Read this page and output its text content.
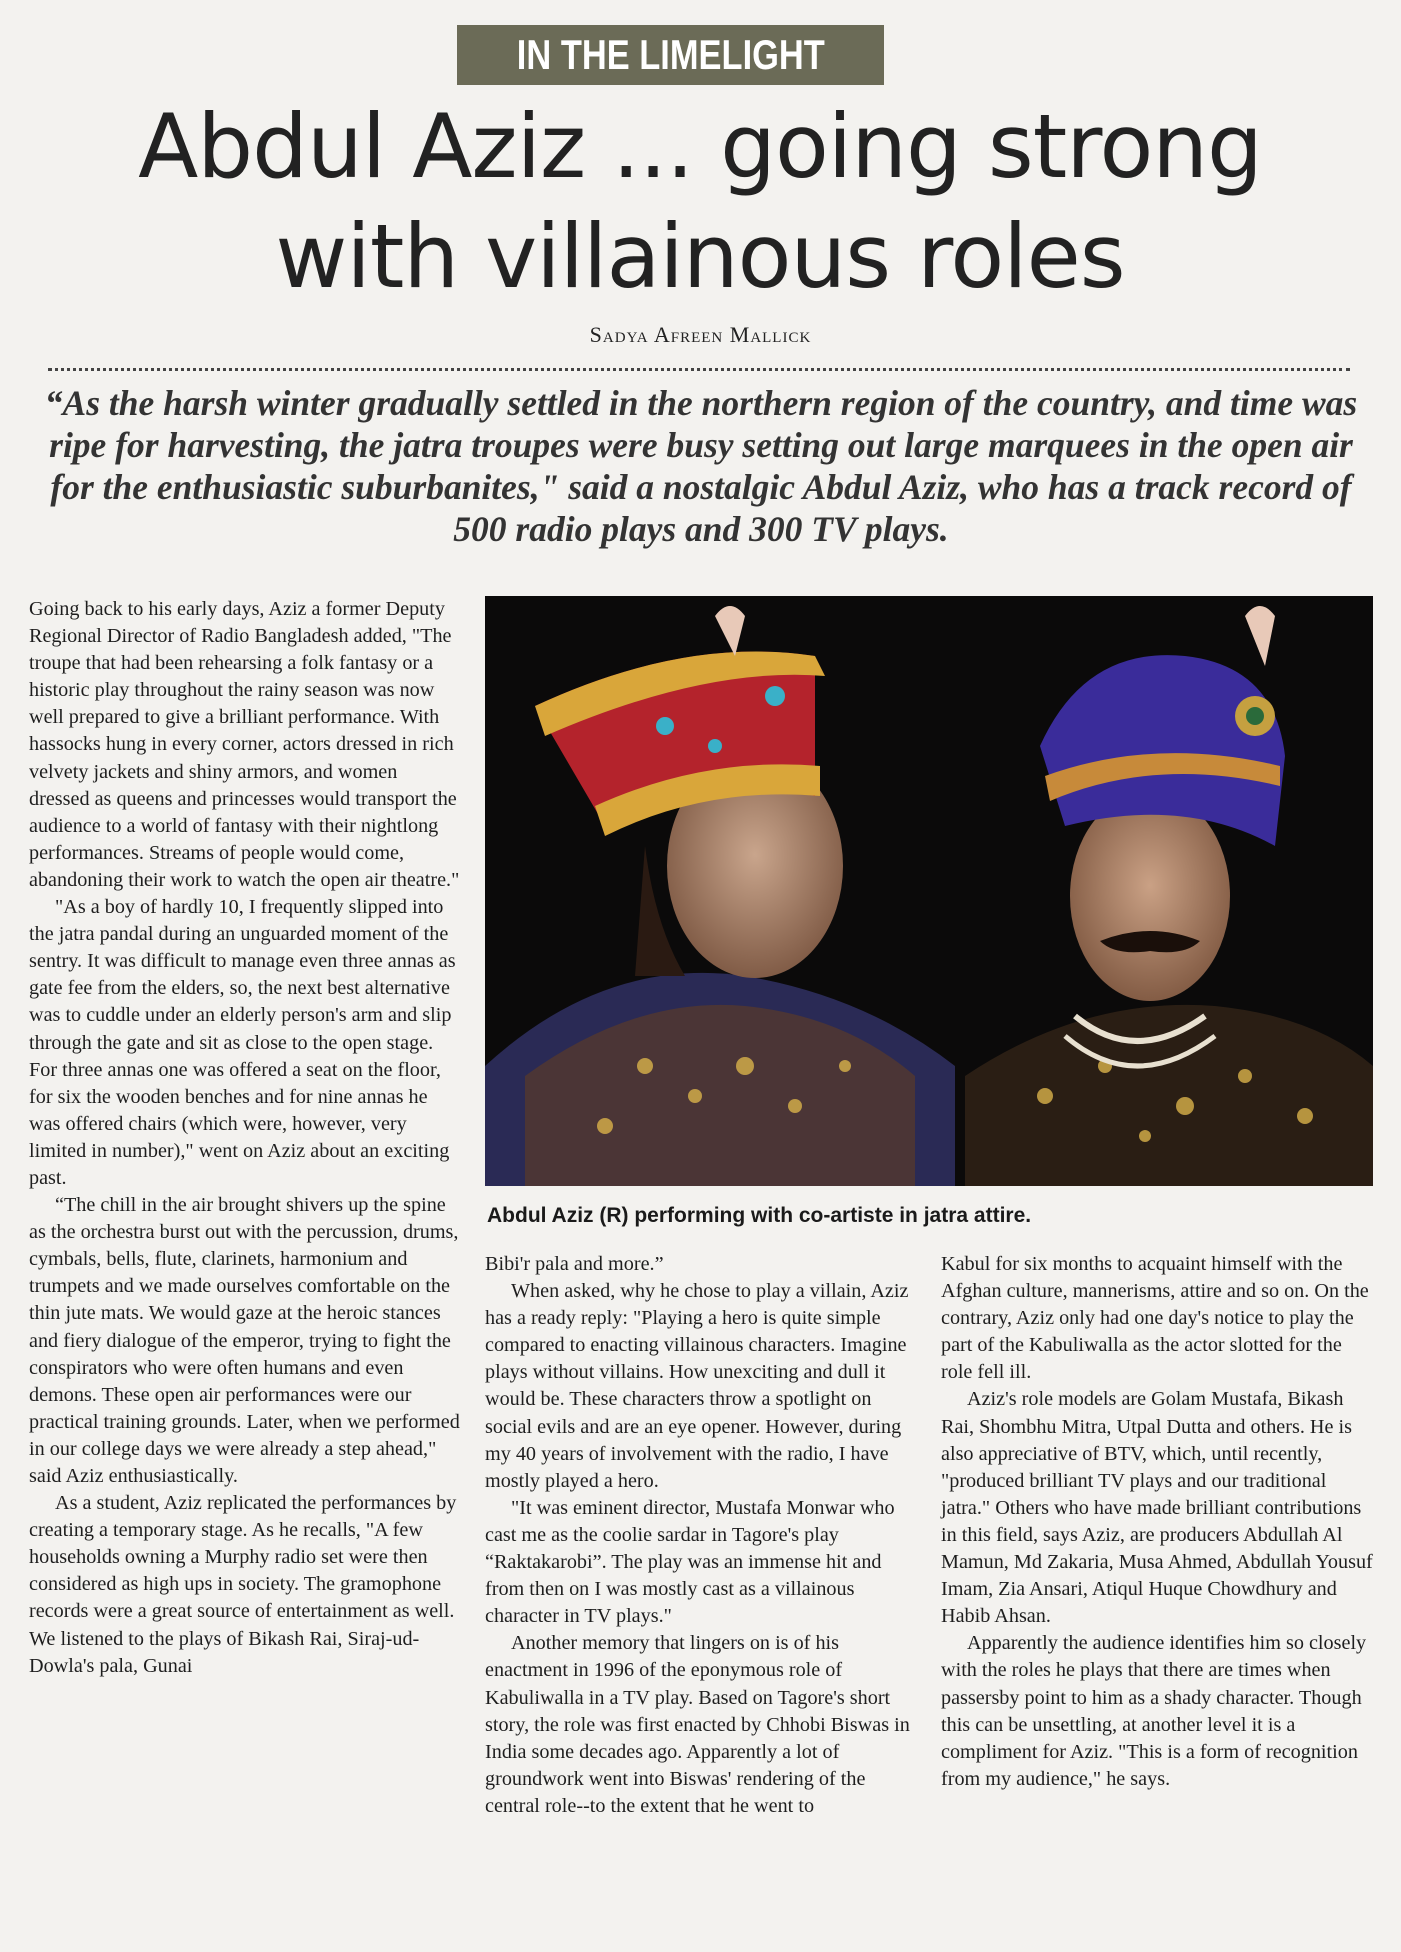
IN THE LIMELIGHT
Abdul Aziz ... going strong
with villainous roles
Sadya Afreen Mallick
“As the harsh winter gradually settled in the northern region of the country, and time was ripe for harvesting, the jatra troupes were busy setting out large marquees in the open air for the enthusiastic suburbanites," said a nostalgic Abdul Aziz, who has a track record of 500 radio plays and 300 TV plays.

Going back to his early days, Aziz a former Deputy Regional Director of Radio Bangladesh added, "The troupe that had been rehearsing a folk fantasy or a historic play throughout the rainy season was now well prepared to give a brilliant performance. With hassocks hung in every corner, actors dressed in rich velvety jackets and shiny armors, and women dressed as queens and princesses would transport the audience to a world of fantasy with their nightlong performances. Streams of people would come, abandoning their work to watch the open air theatre."

"As a boy of hardly 10, I frequently slipped into the jatra pandal during an unguarded moment of the sentry. It was difficult to manage even three annas as gate fee from the elders, so, the next best alternative was to cuddle under an elderly person's arm and slip through the gate and sit as close to the open stage. For three annas one was offered a seat on the floor, for six the wooden benches and for nine annas he was offered chairs (which were, however, very limited in number)," went on Aziz about an exciting past.

“The chill in the air brought shivers up the spine as the orchestra burst out with the percussion, drums, cymbals, bells, flute, clarinets, harmonium and trumpets and we made ourselves comfortable on the thin jute mats. We would gaze at the heroic stances and fiery dialogue of the emperor, trying to fight the conspirators who were often humans and even demons. These open air performances were our practical training grounds. Later, when we performed in our college days we were already a step ahead," said Aziz enthusiastically.

As a student, Aziz replicated the performances by creating a temporary stage. As he recalls, "A few households owning a Murphy radio set were then considered as high ups in society. The gramophone records were a great source of entertainment as well. We listened to the plays of Bikash Rai, Siraj-ud-Dowla's pala, Gunai

Abdul Aziz (R) performing with co-artiste in jatra attire.

Bibi'r pala and more.”

When asked, why he chose to play a villain, Aziz has a ready reply: "Playing a hero is quite simple compared to enacting villainous characters. Imagine plays without villains. How unexciting and dull it would be. These characters throw a spotlight on social evils and are an eye opener. However, during my 40 years of involvement with the radio, I have mostly played a hero.

"It was eminent director, Mustafa Monwar who cast me as the coolie sardar in Tagore's play “Raktakarobi”. The play was an immense hit and from then on I was mostly cast as a villainous character in TV plays."

Another memory that lingers on is of his enactment in 1996 of the eponymous role of Kabuliwalla in a TV play. Based on Tagore's short story, the role was first enacted by Chhobi Biswas in India some decades ago. Apparently a lot of groundwork went into Biswas' rendering of the central role--to the extent that he went to

Kabul for six months to acquaint himself with the Afghan culture, mannerisms, attire and so on. On the contrary, Aziz only had one day's notice to play the part of the Kabuliwalla as the actor slotted for the role fell ill.

Aziz's role models are Golam Mustafa, Bikash Rai, Shombhu Mitra, Utpal Dutta and others. He is also appreciative of BTV, which, until recently, "produced brilliant TV plays and our traditional jatra." Others who have made brilliant contributions in this field, says Aziz, are producers Abdullah Al Mamun, Md Zakaria, Musa Ahmed, Abdullah Yousuf Imam, Zia Ansari, Atiqul Huque Chowdhury and Habib Ahsan.

Apparently the audience identifies him so closely with the roles he plays that there are times when passersby point to him as a shady character. Though this can be unsettling, at another level it is a compliment for Aziz. "This is a form of recognition from my audience," he says.
